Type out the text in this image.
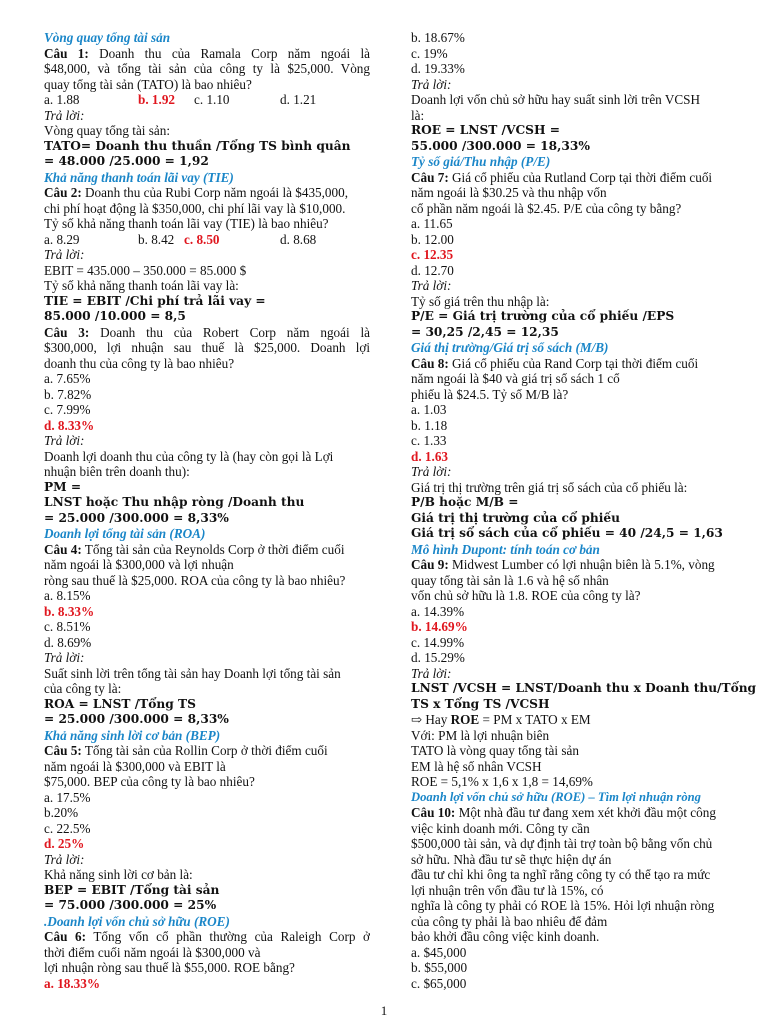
Vòng quay tổng tài sản
Câu 1: Doanh thu của Ramala Corp năm ngoái là
$48,000, và tổng tài sản của công ty là $25,000. Vòng
quay tổng tài sản (TATO) là bao nhiêu?
a. 1.88	b. 1.92 c. 1.10	d. 1.21
Trả lời:
Vòng quay tổng tài sản:
TATO= Doanh thu thuần /Tổng TS bình quân
= 48.000 /25.000 = 1,92
Khả năng thanh toán lãi vay (TIE)
Câu 2: Doanh thu của Rubi Corp năm ngoái là $435,000,
chi phí hoạt động là $350,000, chi phí lãi vay là $10,000.
Tỷ số khả năng thanh toán lãi vay (TIE) là bao nhiêu?
a. 8.29	b. 8.42 c. 8.50	d. 8.68
Trả lời:
EBIT = 435.000 – 350.000 = 85.000 $
Tỷ số khả năng thanh toán lãi vay là:
TIE = EBIT /Chi phí trả lãi vay =
85.000 /10.000 = 8,5
Câu 3: Doanh thu của Robert Corp năm ngoái là
$300,000, lợi nhuận sau thuế là $25,000. Doanh lợi
doanh thu của công ty là bao nhiêu?
a. 7.65%
b. 7.82%
c. 7.99%
d. 8.33%
Trả lời:
Doanh lợi doanh thu của công ty là (hay còn gọi là Lợi
nhuận biên trên doanh thu):
PM =
LNST hoặc Thu nhập ròng /Doanh thu
= 25.000 /300.000 = 8,33%
Doanh lợi tổng tài sản (ROA)
Câu 4: Tổng tài sản của Reynolds Corp ở thời điểm cuối
năm ngoái là $300,000 và lợi nhuận
ròng sau thuế là $25,000. ROA của công ty là bao nhiêu?
a. 8.15%
b. 8.33%
c. 8.51%
d. 8.69%
Trả lời:
Suất sinh lời trên tổng tài sản hay Doanh lợi tổng tài sản
của công ty là:
ROA = LNST /Tổng TS
= 25.000 /300.000 = 8,33%
Khả năng sinh lời cơ bản (BEP)
Câu 5: Tổng tài sản của Rollin Corp ở thời điểm cuối
năm ngoái là $300,000 và EBIT là
$75,000. BEP của công ty là bao nhiêu?
a. 17.5%
b.20%
c. 22.5%
d. 25%
Trả lời:
Khả năng sinh lời cơ bản là:
BEP = EBIT /Tổng tài sản
= 75.000 /300.000 = 25%
.Doanh lợi vốn chủ sở hữu (ROE)
Câu 6: Tổng vốn cổ phần thường của Raleigh Corp ở
thời điểm cuối năm ngoái là $300,000 và
lợi nhuận ròng sau thuế là $55,000. ROE bằng?
a. 18.33%
b. 18.67%
c. 19%
d. 19.33%
Trả lời:
Doanh lợi vốn chủ sở hữu hay suất sinh lời trên VCSH
là:
ROE = LNST /VCSH =
55.000 /300.000 = 18,33%
Tỷ số giá/Thu nhập (P/E)
Câu 7: Giá cổ phiếu của Rutland Corp tại thời điểm cuối
năm ngoái là $30.25 và thu nhập vốn
cổ phần năm ngoái là $2.45. P/E của công ty bằng?
a. 11.65
b. 12.00
c. 12.35
d. 12.70
Trả lời:
Tỷ số giá trên thu nhập là:
P/E = Giá trị trường của cổ phiếu /EPS
= 30,25 /2,45 = 12,35
Giá thị trường/Giá trị sổ sách (M/B)
Câu 8: Giá cổ phiếu của Rand Corp tại thời điểm cuối
năm ngoái là $40 và giá trị sổ sách 1 cổ
phiếu là $24.5. Tỷ số M/B là?
a. 1.03
b. 1.18
c. 1.33
d. 1.63
Trả lời:
Giá trị thị trường trên giá trị sổ sách của cổ phiếu là:
P/B hoặc M/B =
Giá trị thị trường của cổ phiếu
Giá trị sổ sách của cổ phiếu = 40 /24,5 = 1,63
Mô hình Dupont: tính toán cơ bản
Câu 9: Midwest Lumber có lợi nhuận biên là 5.1%, vòng
quay tổng tài sản là 1.6 và hệ số nhân
vốn chủ sở hữu là 1.8. ROE của công ty là?
a. 14.39%
b. 14.69%
c. 14.99%
d. 15.29%
Trả lời:
LNST /VCSH = LNST/Doanh thu x Doanh thu/Tổng
TS x Tổng TS /VCSH
⇨ Hay ROE = PM x TATO x EM
Với: PM là lợi nhuận biên
TATO là vòng quay tổng tài sản
EM là hệ số nhân VCSH
ROE = 5,1% x 1,6 x 1,8 = 14,69%
Doanh lợi vốn chủ sở hữu (ROE) – Tìm lợi nhuận ròng
Câu 10: Một nhà đầu tư đang xem xét khởi đầu một công
việc kinh doanh mới. Công ty cần
$500,000 tài sản, và dự định tài trợ toàn bộ bằng vốn chủ
sở hữu. Nhà đầu tư sẽ thực hiện dự án
đầu tư chỉ khi ông ta nghĩ rằng công ty có thể tạo ra mức
lợi nhuận trên vốn đầu tư là 15%, có
nghĩa là công ty phải có ROE là 15%. Hỏi lợi nhuận ròng
của công ty phải là bao nhiêu để đảm
bảo khởi đầu công việc kinh doanh.
a. $45,000
b. $55,000
c. $65,000
1
